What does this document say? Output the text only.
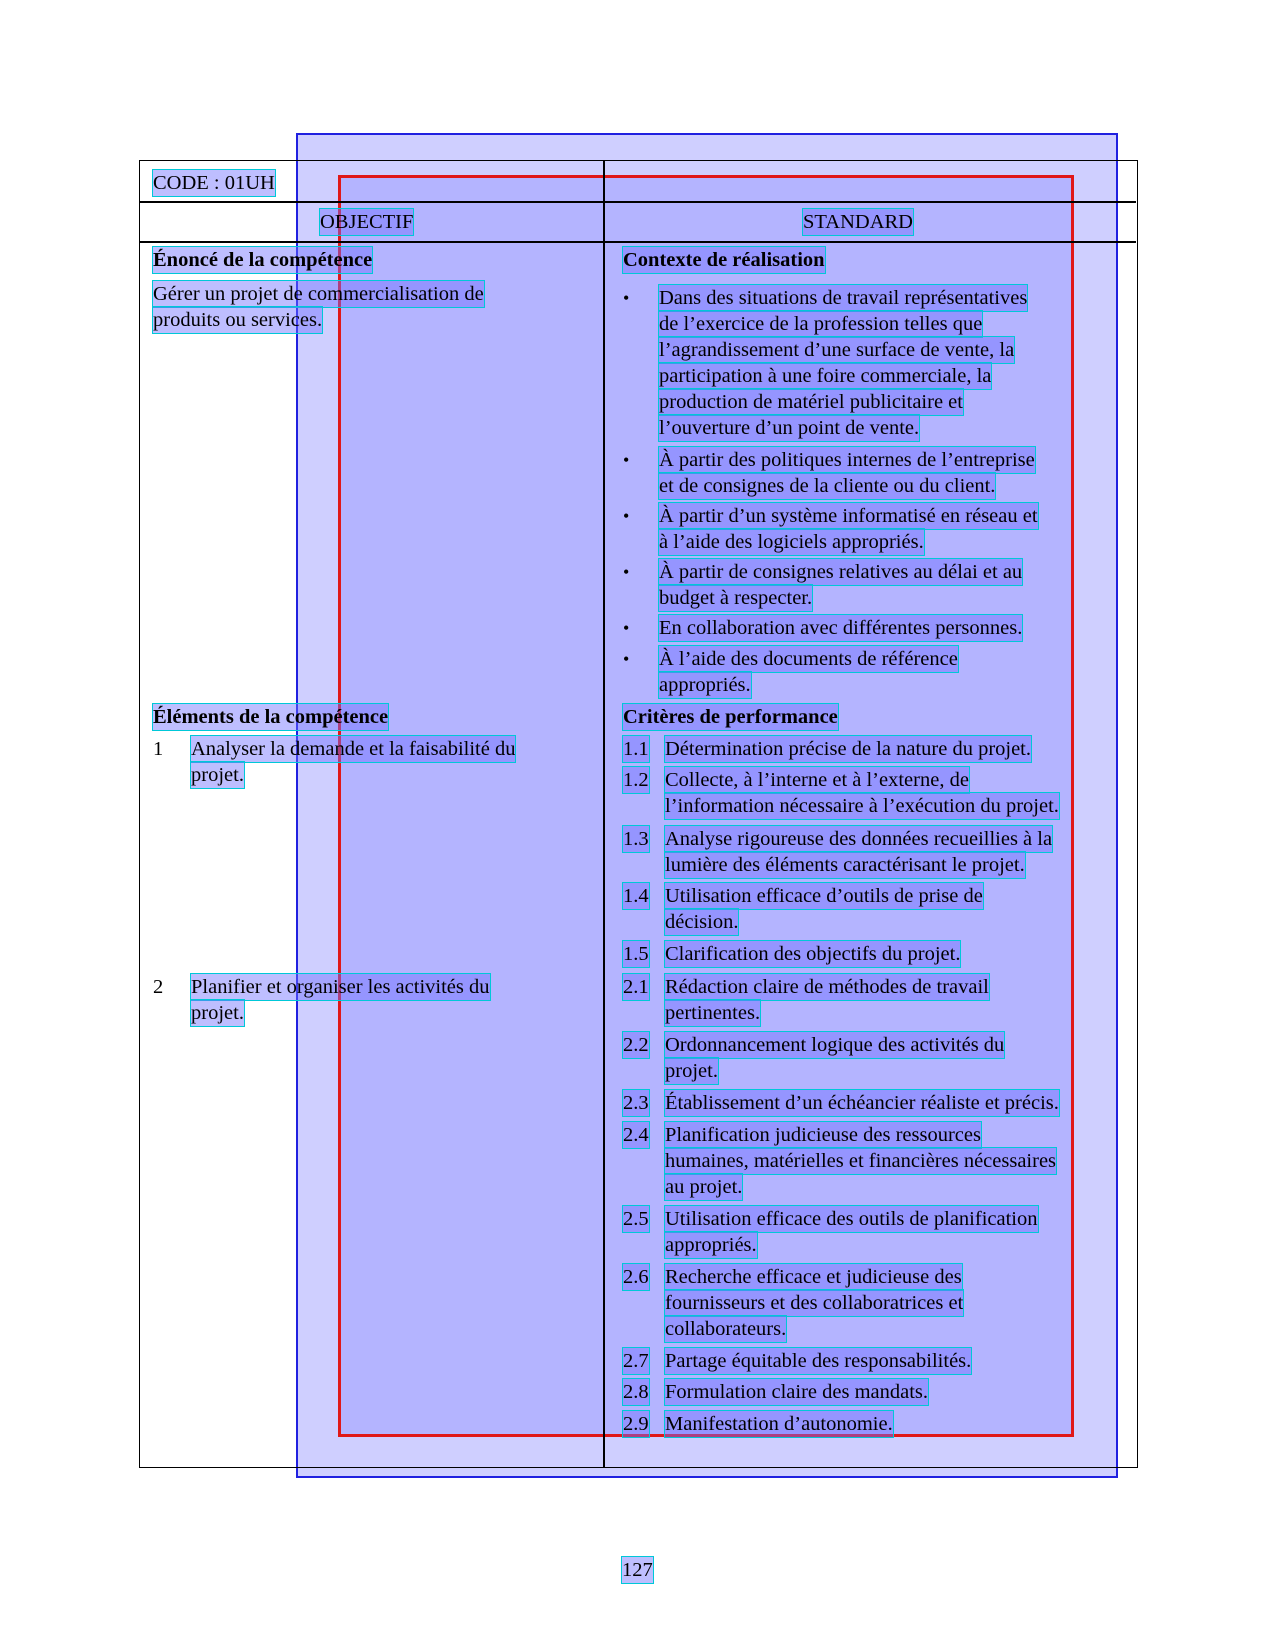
CODE : 01UH
OBJECTIF	STANDARD
Énoncé de la compétence
Gérer un projet de commercialisation de
produits ou services.
Contexte de réalisation
• Dans des situations de travail représentatives
de l’exercice de la profession telles que
l’agrandissement d’une surface de vente, la
participation à une foire commerciale, la
production de matériel publicitaire et
l’ouverture d’un point de vente.
• À partir des politiques internes de l’entreprise
et de consignes de la cliente ou du client.
• À partir d’un système informatisé en réseau et
à l’aide des logiciels appropriés.
• À partir de consignes relatives au délai et au
budget à respecter.
• En collaboration avec différentes personnes.
• À l’aide des documents de référence
appropriés.
Éléments de la compétence
1 Analyser la demande et la faisabilité du
projet.
2 Planifier et organiser les activités du
projet.
Critères de performance
1.1 Détermination précise de la nature du projet.
1.2 Collecte, à l’interne et à l’externe, de
l’information nécessaire à l’exécution du projet.
1.3 Analyse rigoureuse des données recueillies à la
lumière des éléments caractérisant le projet.
1.4 Utilisation efficace d’outils de prise de
décision.
1.5 Clarification des objectifs du projet.
2.1 Rédaction claire de méthodes de travail
pertinentes.
2.2 Ordonnancement logique des activités du
projet.
2.3 Établissement d’un échéancier réaliste et précis.
2.4 Planification judicieuse des ressources
humaines, matérielles et financières nécessaires
au projet.
2.5 Utilisation efficace des outils de planification
appropriés.
2.6 Recherche efficace et judicieuse des
fournisseurs et des collaboratrices et
collaborateurs.
2.7 Partage équitable des responsabilités.
2.8 Formulation claire des mandats.
2.9 Manifestation d’autonomie.
127
